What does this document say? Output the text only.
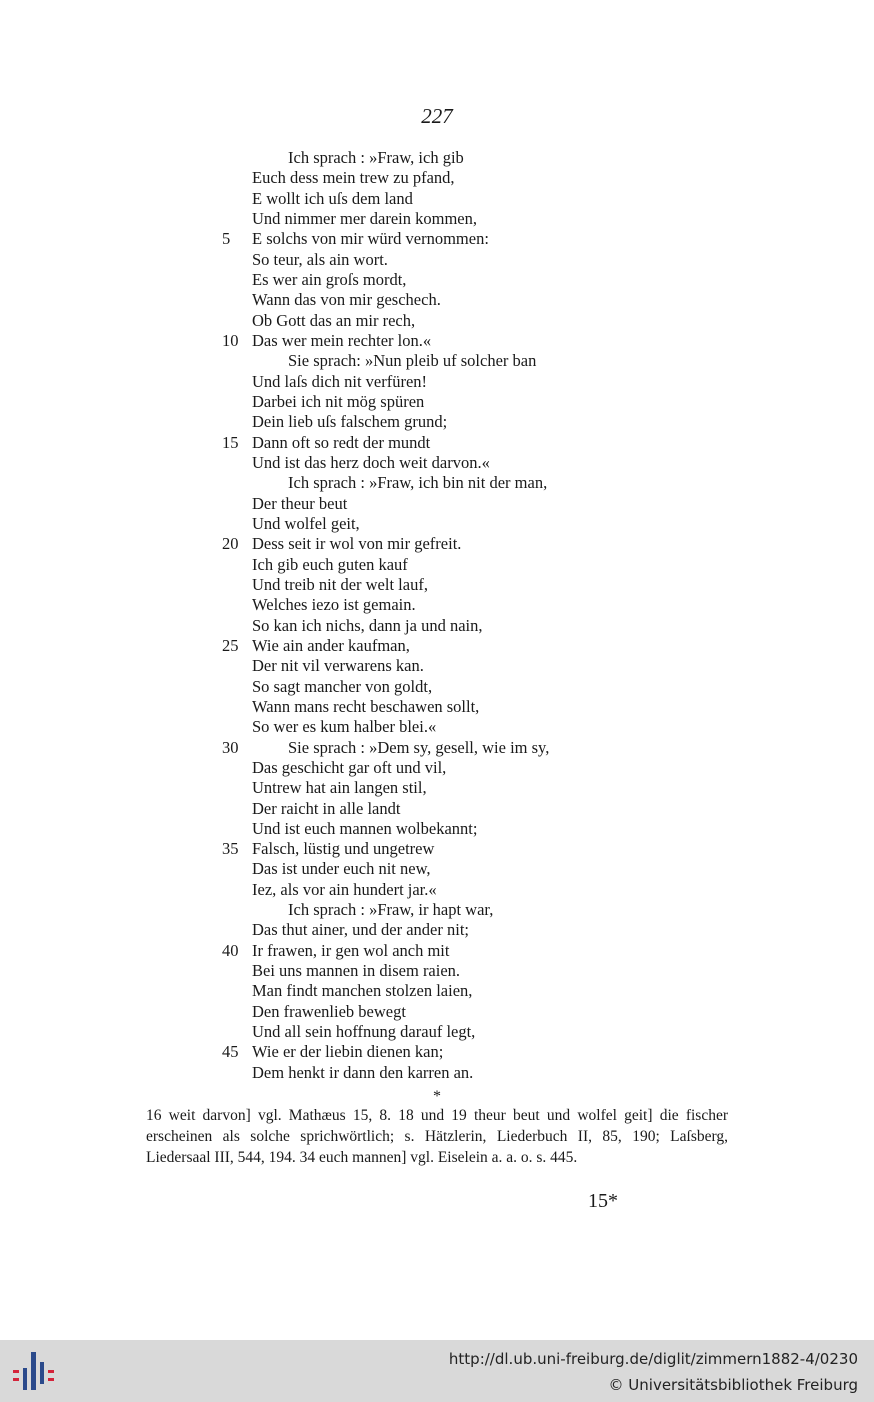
227
Ich sprach : »Fraw, ich gib
Euch dess mein trew zu pfand,
E wollt ich uſs dem land
Und nimmer mer darein kommen,
5	E solchs von mir würd vernommen:
So teur, als ain wort.
Es wer ain groſs mordt,
Wann das von mir geschech.
Ob Gott das an mir rech,
10 Das wer mein rechter lon.«
Sie sprach: »Nun pleib uf solcher ban
Und laſs dich nit verfüren!
Darbei ich nit mög spüren
Dein lieb uſs falschem grund;
15 Dann oft so redt der mundt
Und ist das herz doch weit darvon.«
Ich sprach : »Fraw, ich bin nit der man,
Der theur beut
Und wolfel geit,
20 Dess seit ir wol von mir gefreit.
Ich gib euch guten kauf
Und treib nit der welt lauf,
Welches iezo ist gemain.
So kan ich nichs, dann ja und nain,
25 Wie ain ander kaufman,
Der nit vil verwarens kan.
So sagt mancher von goldt,
Wann mans recht beschawen sollt,
So wer es kum halber blei.«
30	Sie sprach : »Dem sy, gesell, wie im sy,
Das geschicht gar oft und vil,
Untrew hat ain langen stil,
Der raicht in alle landt
Und ist euch mannen wolbekannt;
35 Falsch, lüstig und ungetrew
Das ist under euch nit new,
Iez, als vor ain hundert jar.«
Ich sprach : »Fraw, ir hapt war,
Das thut ainer, und der ander nit;
40 Ir frawen, ir gen wol anch mit
Bei uns mannen in disem raien.
Man findt manchen stolzen laien,
Den frawenlieb bewegt
Und all sein hoffnung darauf legt,
45 Wie er der liebin dienen kan;
Dem henkt ir dann den karren an.
*
16 weit darvon] vgl. Mathæus 15, 8. 18 und 19 theur beut und wolfel geit] die fischer erscheinen als solche sprichwörtlich; s. Hätzlerin, Liederbuch II, 85, 190; Laſsberg, Liedersaal III, 544, 194. 34 euch mannen] vgl. Eiselein a. a. o. s. 445.
15*
http://dl.ub.uni-freiburg.de/diglit/zimmern1882-4/0230
© Universitätsbibliothek Freiburg
